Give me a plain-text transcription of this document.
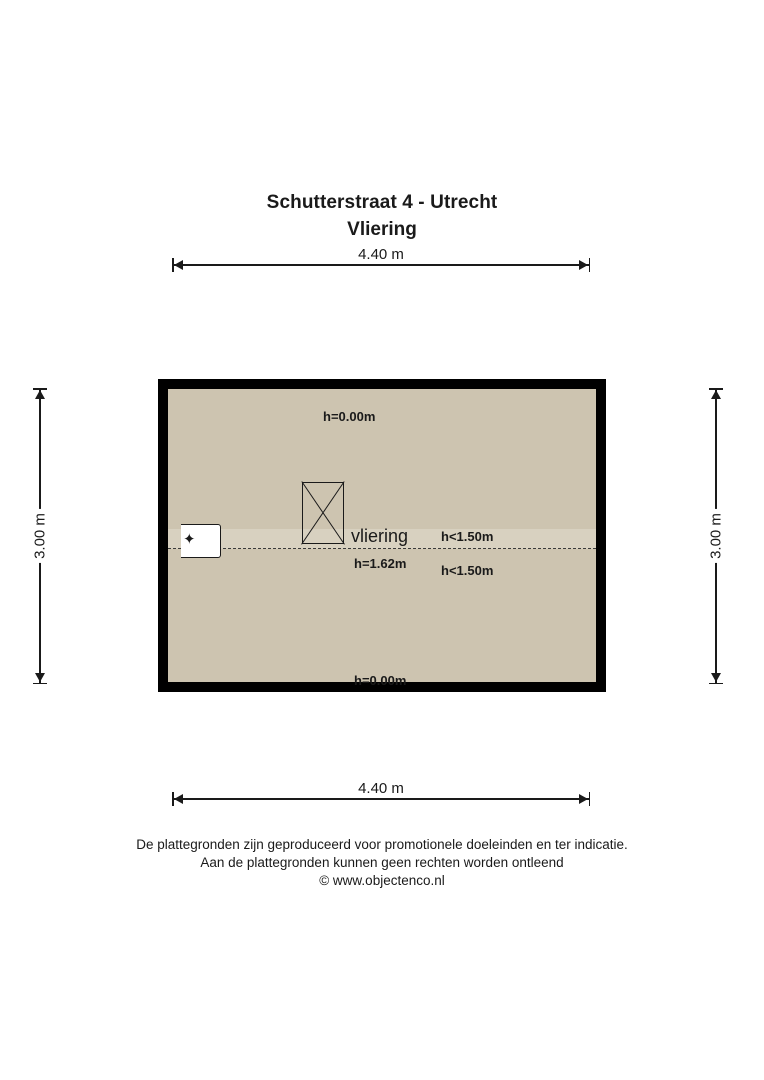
Schutterstraat 4 - Utrecht
Vliering
4.40 m
3.00 m	3.00 m
✦
h=0.00m
vliering	h<1.50m
h=1.62m	h<1.50m
h=0.00m
4.40 m
De plattegronden zijn geproduceerd voor promotionele doeleinden en ter indicatie.
Aan de plattegronden kunnen geen rechten worden ontleend
© www.objectenco.nl
